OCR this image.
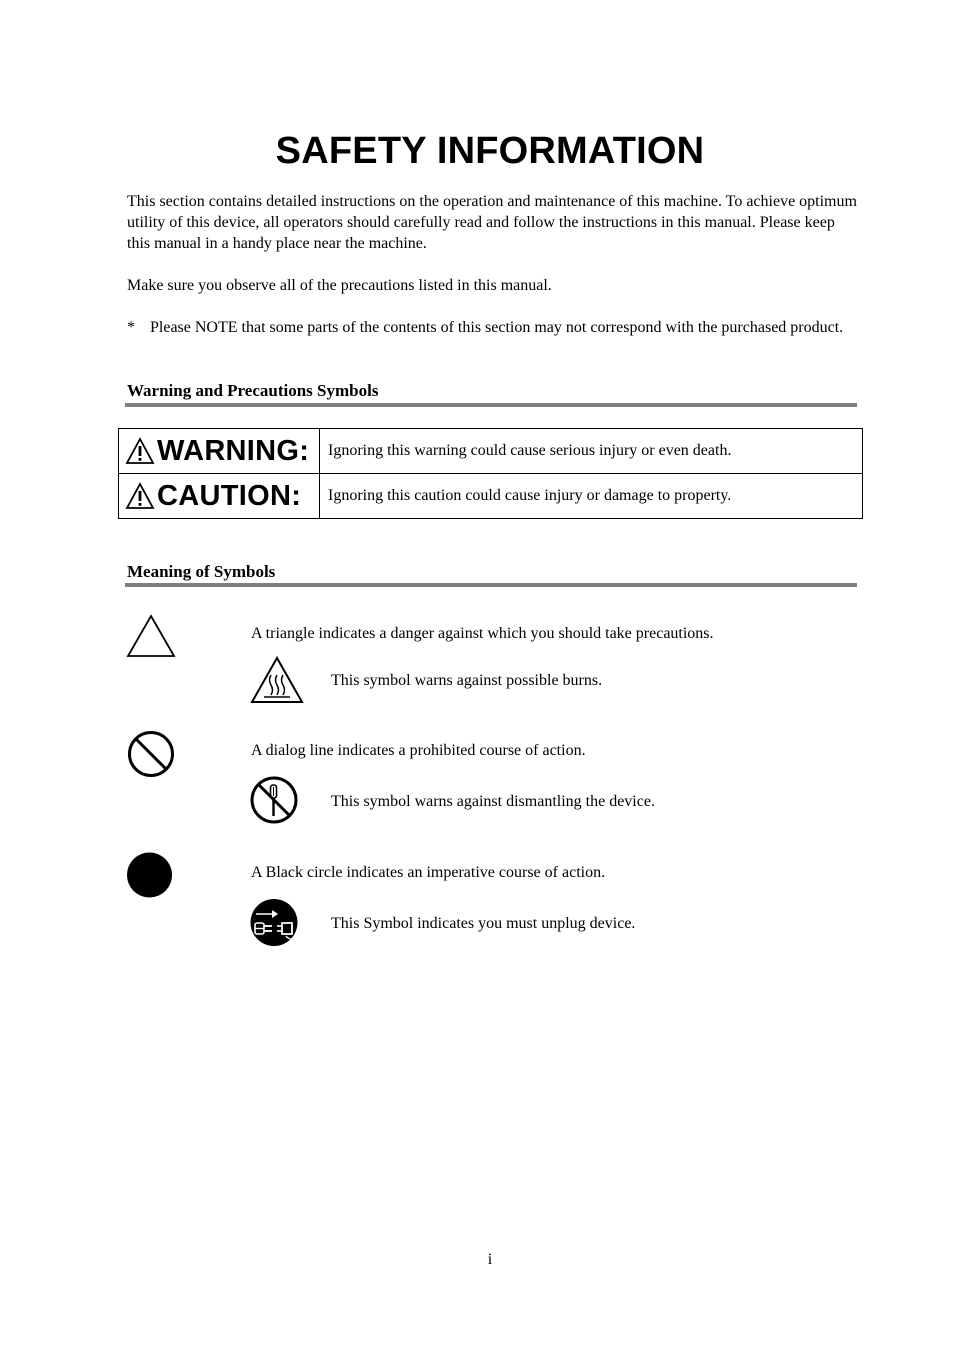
SAFETY INFORMATION
This section contains detailed instructions on the operation and maintenance of this machine. To achieve optimum utility of this device, all operators should carefully read and follow the instructions in this manual. Please keep this manual in a handy place near the machine.
Make sure you observe all of the precautions listed in this manual.
* Please NOTE that some parts of the contents of this section may not correspond with the purchased product.
Warning and Precautions Symbols
WARNING:	Ignoring this warning could cause serious injury or even death.

CAUTION:	Ignoring this caution could cause injury or damage to property.
Meaning of Symbols
A triangle indicates a danger against which you should take precautions.
This symbol warns against possible burns.
A dialog line indicates a prohibited course of action.
This symbol warns against dismantling the device.
A Black circle indicates an imperative course of action.
This Symbol indicates you must unplug device.
i
